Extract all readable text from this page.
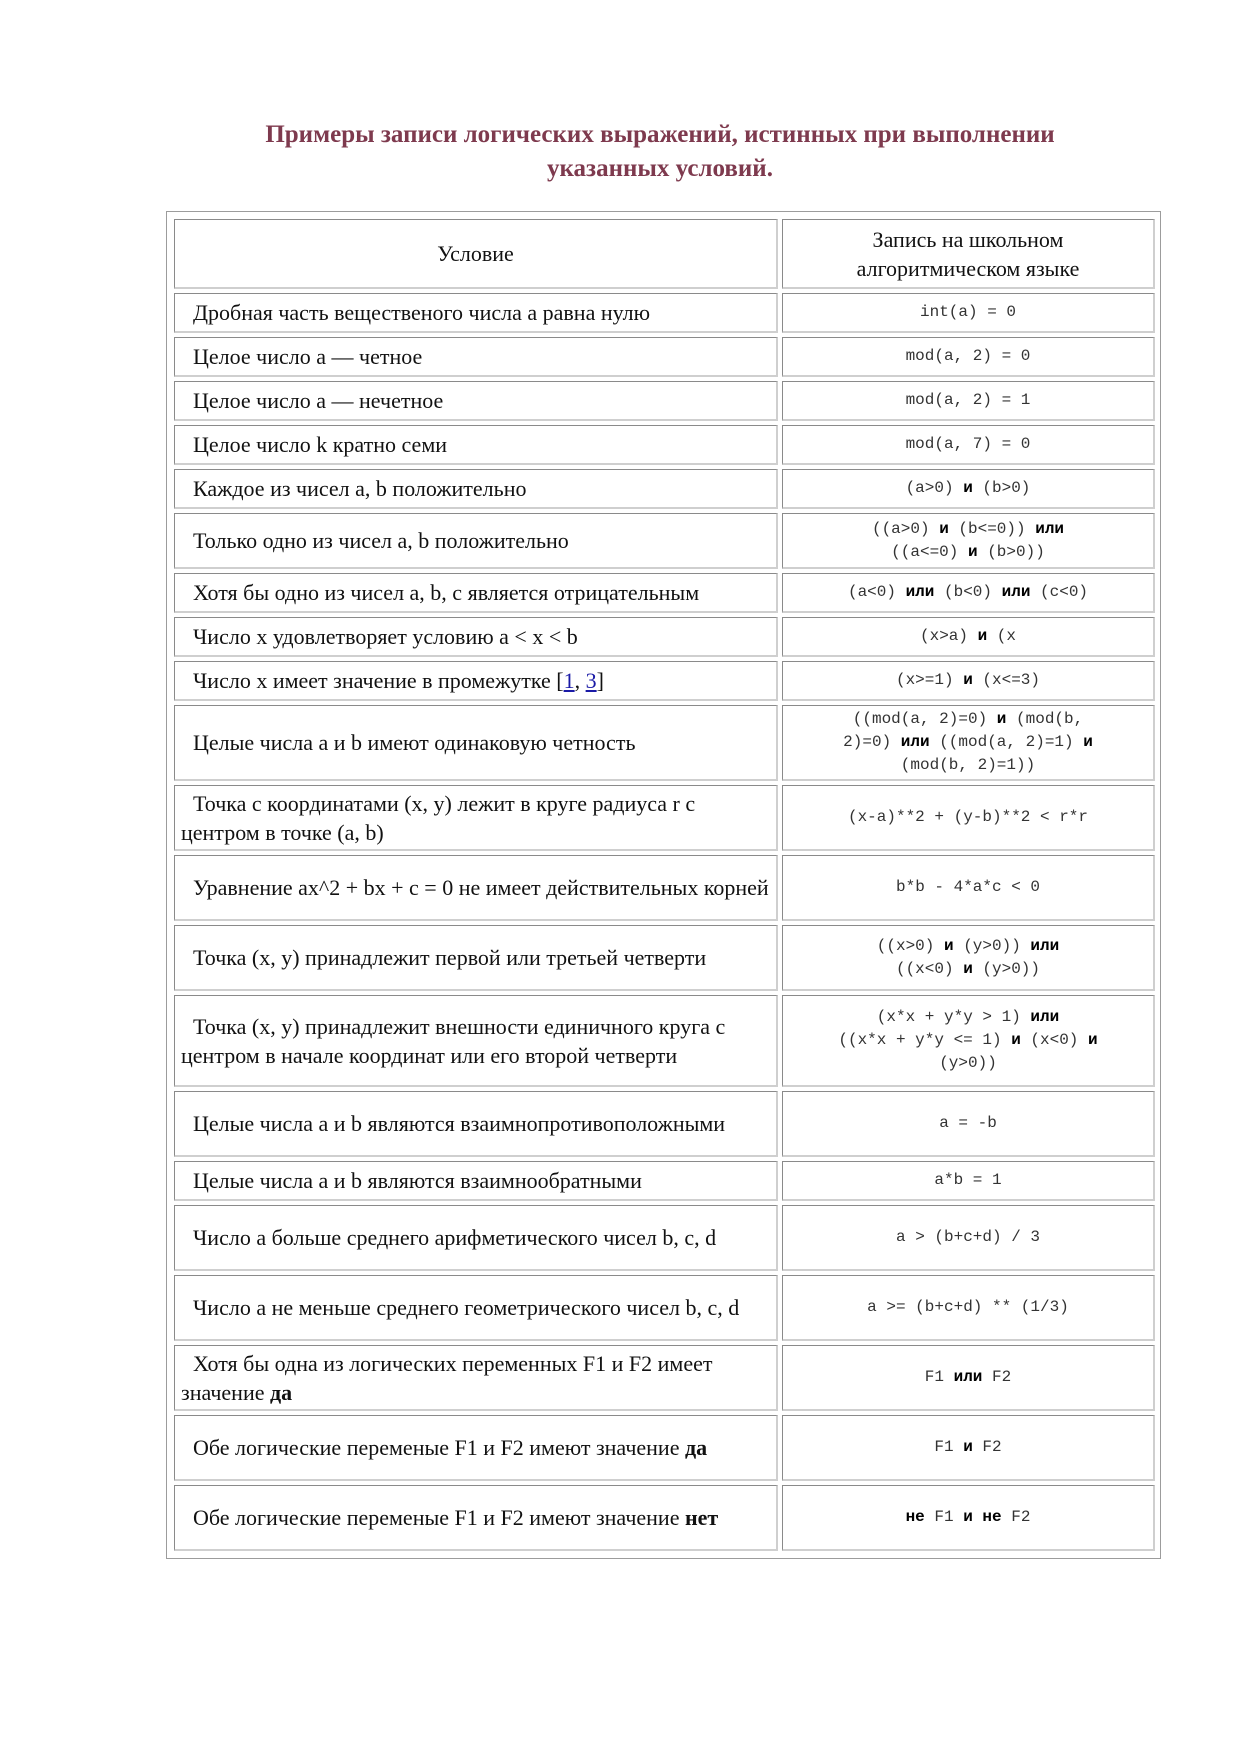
Примеры записи логических выражений, истинных при выполнении
указанных условий.
Условие	Запись на школьном
алгоритмическом языке
Дробная часть вещественого числа a равна нулю	int(a) = 0
Целое число a — четное	mod(a, 2) = 0
Целое число a — нечетное	mod(a, 2) = 1
Целое число k кратно семи	mod(a, 7) = 0
Каждое из чисел a, b положительно	(a>0) и (b>0)
Только одно из чисел a, b положительно	((a>0) и (b<=0)) или
((a<=0) и (b>0))
Хотя бы одно из чисел a, b, c является отрицательным	(a<0) или (b<0) или (c<0)
Число x удовлетворяет условию a < x < b	(x>a) и (x
Число x имеет значение в промежутке [1, 3]	(x>=1) и (x<=3)
Целые числа a и b имеют одинаковую четность	((mod(a, 2)=0) и (mod(b,
2)=0) или ((mod(a, 2)=1) и
(mod(b, 2)=1))
Точка с координатами (x, y) лежит в круге радиуса r с центром в точке (a, b)	(x-a)**2 + (y-b)**2 < r*r
Уравнение ax^2 + bx + c = 0 не имеет действительных корней	b*b - 4*a*c < 0
Точка (x, y) принадлежит первой или третьей четверти	((x>0) и (y>0)) или
((x<0) и (y>0))
Точка (x, y) принадлежит внешности единичного круга с центром в начале координат или его второй четверти	(x*x + y*y > 1) или
((x*x + y*y <= 1) и (x<0) и
(y>0))
Целые числа a и b являются взаимнопротивоположными	a = -b
Целые числа a и b являются взаимнообратными	a*b = 1
Число a больше среднего арифметического чисел b, c, d	a > (b+c+d) / 3
Число a не меньше среднего геометрического чисел b, c, d	a >= (b+c+d) ** (1/3)
Хотя бы одна из логических переменных F1 и F2 имеет значение да	F1 или F2
Обе логические переменые F1 и F2 имеют значение да	F1 и F2
Обе логические переменые F1 и F2 имеют значение нет	не F1 и не F2
